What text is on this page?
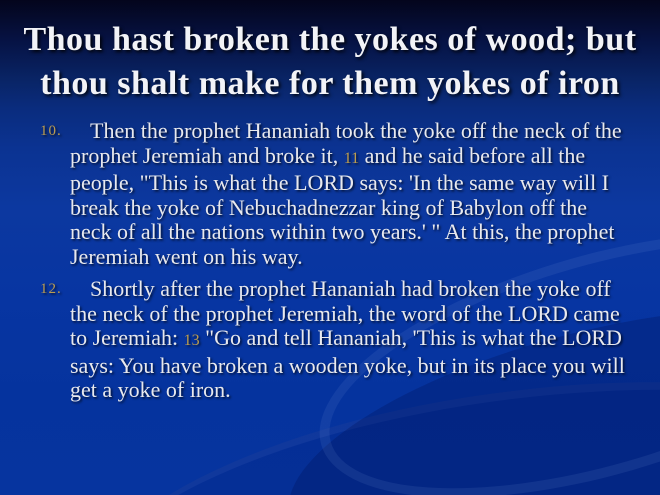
Thou hast broken the yokes of wood; but
thou shalt make for them yokes of iron
10. Then the prophet Hananiah took the yoke off the neck of the prophet Jeremiah and broke it, 11 and he said before all the people, "This is what the LORD says: 'In the same way will I break the yoke of Nebuchadnezzar king of Babylon off the neck of all the nations within two years.' " At this, the prophet Jeremiah went on his way.
12. Shortly after the prophet Hananiah had broken the yoke off the neck of the prophet Jeremiah, the word of the LORD came to Jeremiah: 13 "Go and tell Hananiah, 'This is what the LORD says: You have broken a wooden yoke, but in its place you will get a yoke of iron.
